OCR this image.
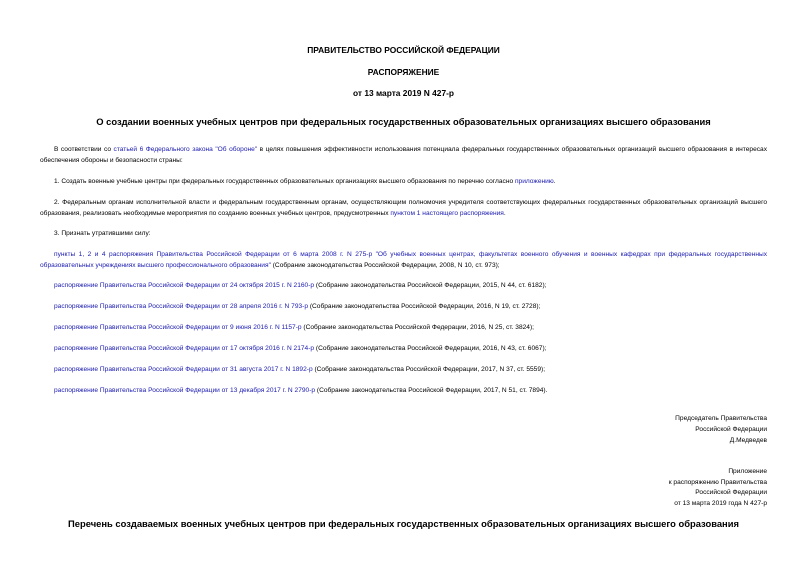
ПРАВИТЕЛЬСТВО РОССИЙСКОЙ ФЕДЕРАЦИИ
РАСПОРЯЖЕНИЕ
от 13 марта 2019 N 427-р
О создании военных учебных центров при федеральных государственных образовательных организациях высшего образования
В соответствии со статьей 6 Федерального закона "Об обороне" в целях повышения эффективности использования потенциала федеральных государственных образовательных организаций высшего образования в интересах обеспечения обороны и безопасности страны:
1. Создать военные учебные центры при федеральных государственных образовательных организациях высшего образования по перечню согласно приложению.
2. Федеральным органам исполнительной власти и федеральным государственным органам, осуществляющим полномочия учредителя соответствующих федеральных государственных образовательных организаций высшего образования, реализовать необходимые мероприятия по созданию военных учебных центров, предусмотренных пунктом 1 настоящего распоряжения.
3. Признать утратившими силу:
пункты 1, 2 и 4 распоряжения Правительства Российской Федерации от 6 марта 2008 г. N 275-р "Об учебных военных центрах, факультетах военного обучения и военных кафедрах при федеральных государственных образовательных учреждениях высшего профессионального образования" (Собрание законодательства Российской Федерации, 2008, N 10, ст. 973);
распоряжение Правительства Российской Федерации от 24 октября 2015 г. N 2160-р (Собрание законодательства Российской Федерации, 2015, N 44, ст. 6182);
распоряжение Правительства Российской Федерации от 28 апреля 2016 г. N 793-р (Собрание законодательства Российской Федерации, 2016, N 19, ст. 2728);
распоряжение Правительства Российской Федерации от 9 июня 2016 г. N 1157-р (Собрание законодательства Российской Федерации, 2016, N 25, ст. 3824);
распоряжение Правительства Российской Федерации от 17 октября 2016 г. N 2174-р (Собрание законодательства Российской Федерации, 2016, N 43, ст. 6067);
распоряжение Правительства Российской Федерации от 31 августа 2017 г. N 1892-р (Собрание законодательства Российской Федерации, 2017, N 37, ст. 5559);
распоряжение Правительства Российской Федерации от 13 декабря 2017 г. N 2790-р (Собрание законодательства Российской Федерации, 2017, N 51, ст. 7894).
Председатель Правительства
Российской Федерации
Д.Медведев
Приложение
к распоряжению Правительства
Российской Федерации
от 13 марта 2019 года N 427-р
Перечень создаваемых военных учебных центров при федеральных государственных образовательных организациях высшего образования
